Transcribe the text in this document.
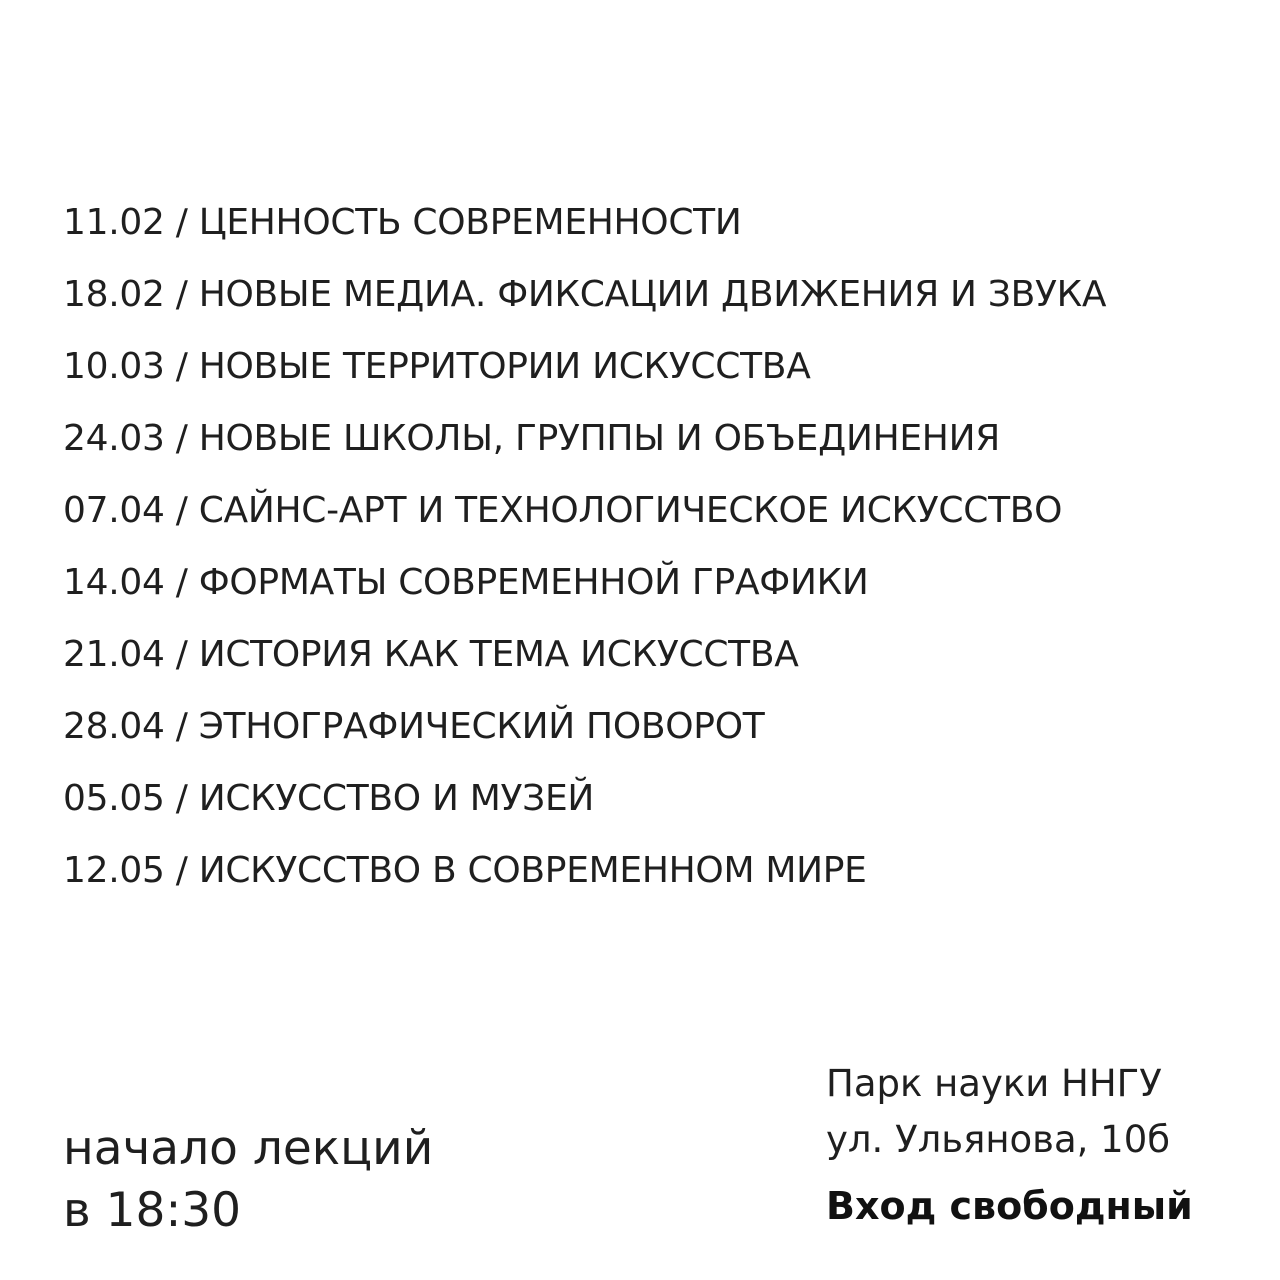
11.02 / ЦЕННОСТЬ СОВРЕМЕННОСТИ
18.02 / НОВЫЕ МЕДИА. ФИКСАЦИИ ДВИЖЕНИЯ И ЗВУКА
10.03 / НОВЫЕ ТЕРРИТОРИИ ИСКУССТВА
24.03 / НОВЫЕ ШКОЛЫ, ГРУППЫ И ОБЪЕДИНЕНИЯ
07.04 / САЙНС-АРТ И ТЕХНОЛОГИЧЕСКОЕ ИСКУССТВО
14.04 / ФОРМАТЫ СОВРЕМЕННОЙ ГРАФИКИ
21.04 / ИСТОРИЯ КАК ТЕМА ИСКУССТВА
28.04 / ЭТНОГРАФИЧЕСКИЙ ПОВОРОТ
05.05 / ИСКУССТВО И МУЗЕЙ
12.05 / ИСКУССТВО В СОВРЕМЕННОМ МИРЕ
начало лекций
в 18:30
Парк науки ННГУ
ул. Ульянова, 10б
Вход свободный
